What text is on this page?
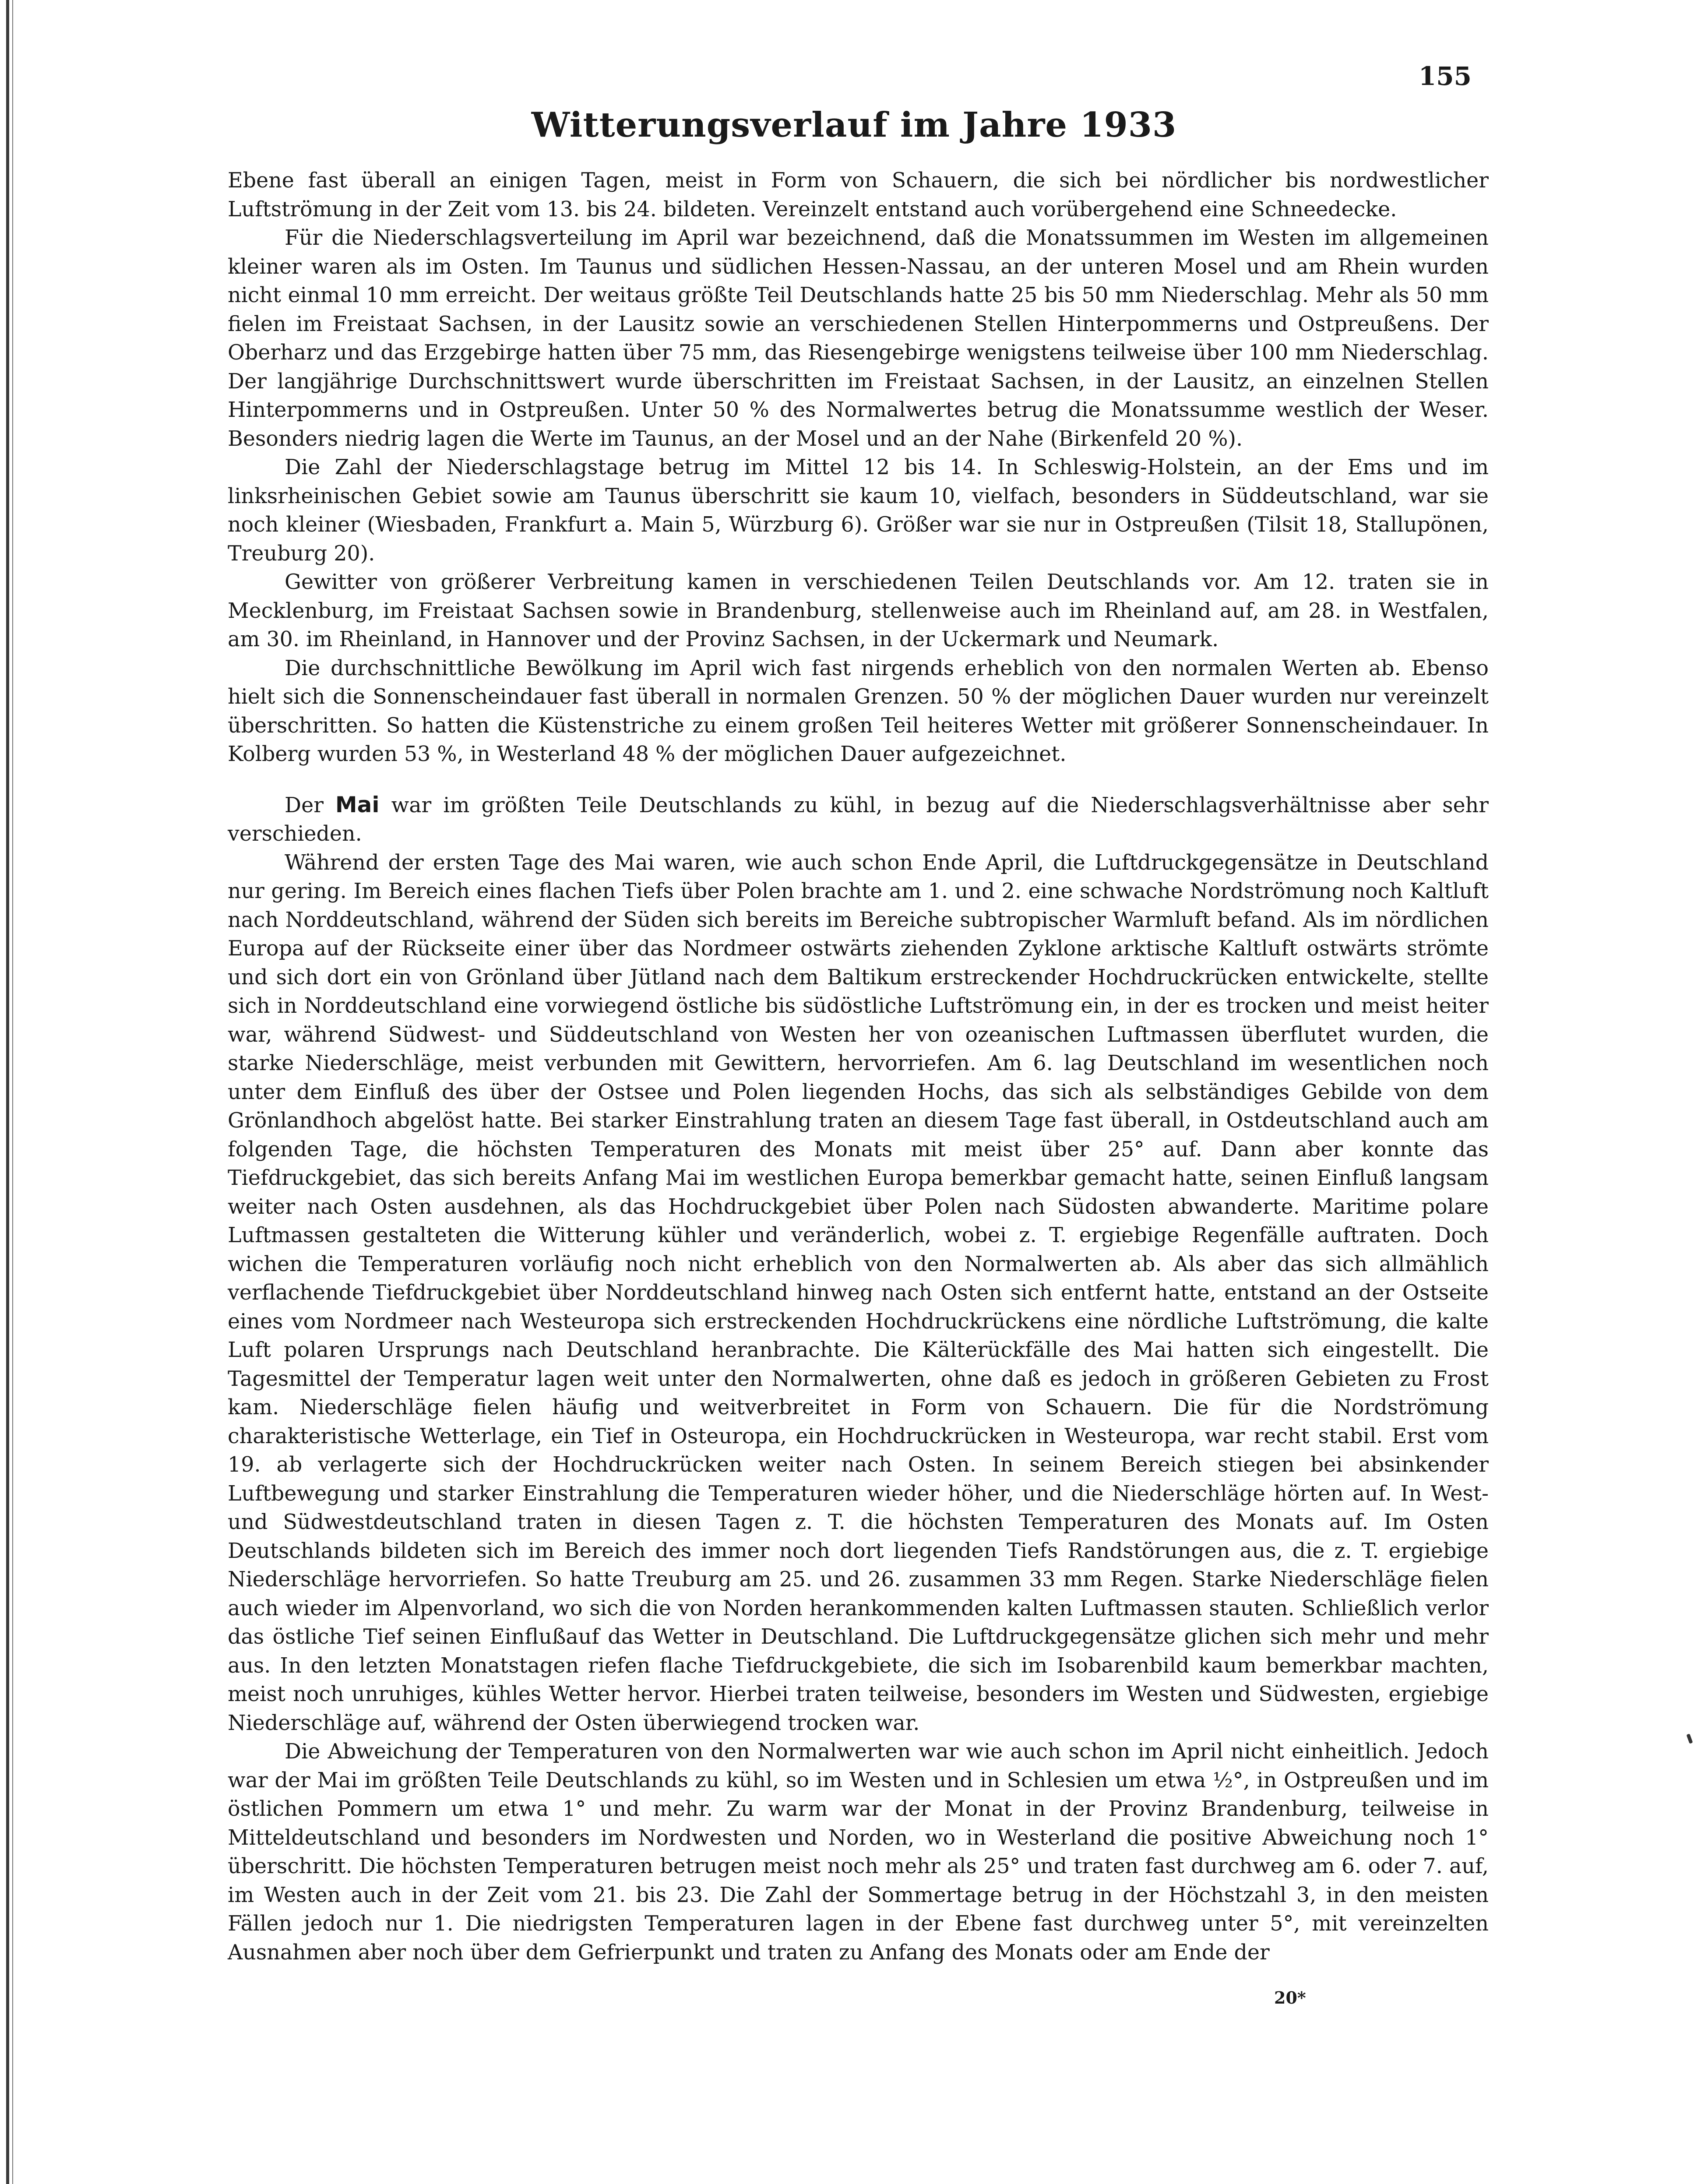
155
Witterungsverlauf im Jahre 1933

Ebene fast überall an einigen Tagen, meist in Form von Schauern, die sich bei nördlicher bis nordwestlicher Luftströmung in der Zeit vom 13. bis 24. bildeten. Vereinzelt entstand auch vorübergehend eine Schneedecke.

Für die Niederschlagsverteilung im April war bezeichnend, daß die Monatssummen im Westen im allgemeinen kleiner waren als im Osten. Im Taunus und südlichen Hessen-Nassau, an der unteren Mosel und am Rhein wurden nicht einmal 10 mm erreicht. Der weitaus größte Teil Deutschlands hatte 25 bis 50 mm Niederschlag. Mehr als 50 mm fielen im Freistaat Sachsen, in der Lausitz sowie an verschiedenen Stellen Hinterpommerns und Ostpreußens. Der Oberharz und das Erzgebirge hatten über 75 mm, das Riesengebirge wenigstens teilweise über 100 mm Niederschlag. Der langjährige Durchschnittswert wurde überschritten im Freistaat Sachsen, in der Lausitz, an einzelnen Stellen Hinterpommerns und in Ostpreußen. Unter 50 % des Normalwertes betrug die Monatssumme westlich der Weser. Besonders niedrig lagen die Werte im Taunus, an der Mosel und an der Nahe (Birkenfeld 20 %).

Die Zahl der Niederschlagstage betrug im Mittel 12 bis 14. In Schleswig-Holstein, an der Ems und im linksrheinischen Gebiet sowie am Taunus überschritt sie kaum 10, vielfach, besonders in Süddeutschland, war sie noch kleiner (Wiesbaden, Frankfurt a. Main 5, Würzburg 6). Größer war sie nur in Ostpreußen (Tilsit 18, Stallupönen, Treuburg 20).

Gewitter von größerer Verbreitung kamen in verschiedenen Teilen Deutschlands vor. Am 12. traten sie in Mecklenburg, im Freistaat Sachsen sowie in Brandenburg, stellenweise auch im Rheinland auf, am 28. in Westfalen, am 30. im Rheinland, in Hannover und der Provinz Sachsen, in der Uckermark und Neumark.

Die durchschnittliche Bewölkung im April wich fast nirgends erheblich von den normalen Werten ab. Ebenso hielt sich die Sonnenscheindauer fast überall in normalen Grenzen. 50 % der möglichen Dauer wurden nur vereinzelt überschritten. So hatten die Küstenstriche zu einem großen Teil heiteres Wetter mit größerer Sonnenscheindauer. In Kolberg wurden 53 %, in Westerland 48 % der möglichen Dauer aufgezeichnet.

Der Mai war im größten Teile Deutschlands zu kühl, in bezug auf die Niederschlagsverhältnisse aber sehr verschieden.

Während der ersten Tage des Mai waren, wie auch schon Ende April, die Luftdruckgegensätze in Deutschland nur gering. Im Bereich eines flachen Tiefs über Polen brachte am 1. und 2. eine schwache Nordströmung noch Kaltluft nach Norddeutschland, während der Süden sich bereits im Bereiche subtropischer Warmluft befand. Als im nördlichen Europa auf der Rückseite einer über das Nordmeer ostwärts ziehenden Zyklone arktische Kaltluft ostwärts strömte und sich dort ein von Grönland über Jütland nach dem Baltikum erstreckender Hochdruckrücken entwickelte, stellte sich in Norddeutschland eine vorwiegend östliche bis südöstliche Luftströmung ein, in der es trocken und meist heiter war, während Südwest- und Süddeutschland von Westen her von ozeanischen Luftmassen überflutet wurden, die starke Niederschläge, meist verbunden mit Gewittern, hervorriefen. Am 6. lag Deutschland im wesentlichen noch unter dem Einfluß des über der Ostsee und Polen liegenden Hochs, das sich als selbständiges Gebilde von dem Grönlandhoch abgelöst hatte. Bei starker Einstrahlung traten an diesem Tage fast überall, in Ostdeutschland auch am folgenden Tage, die höchsten Temperaturen des Monats mit meist über 25° auf. Dann aber konnte das Tiefdruckgebiet, das sich bereits Anfang Mai im westlichen Europa bemerkbar gemacht hatte, seinen Einfluß langsam weiter nach Osten ausdehnen, als das Hochdruckgebiet über Polen nach Südosten abwanderte. Maritime polare Luftmassen gestalteten die Witterung kühler und veränderlich, wobei z. T. ergiebige Regenfälle auftraten. Doch wichen die Temperaturen vorläufig noch nicht erheblich von den Normalwerten ab. Als aber das sich allmählich verflachende Tiefdruckgebiet über Norddeutschland hinweg nach Osten sich entfernt hatte, entstand an der Ostseite eines vom Nordmeer nach Westeuropa sich erstreckenden Hochdruckrückens eine nördliche Luftströmung, die kalte Luft polaren Ursprungs nach Deutschland heranbrachte. Die Kälterückfälle des Mai hatten sich eingestellt. Die Tagesmittel der Temperatur lagen weit unter den Normalwerten, ohne daß es jedoch in größeren Gebieten zu Frost kam. Niederschläge fielen häufig und weitverbreitet in Form von Schauern. Die für die Nordströmung charakteristische Wetterlage, ein Tief in Osteuropa, ein Hochdruckrücken in Westeuropa, war recht stabil. Erst vom 19. ab verlagerte sich der Hochdruckrücken weiter nach Osten. In seinem Bereich stiegen bei absinkender Luftbewegung und starker Einstrahlung die Temperaturen wieder höher, und die Niederschläge hörten auf. In West- und Südwestdeutschland traten in diesen Tagen z. T. die höchsten Temperaturen des Monats auf. Im Osten Deutschlands bildeten sich im Bereich des immer noch dort liegenden Tiefs Randstörungen aus, die z. T. ergiebige Niederschläge hervorriefen. So hatte Treuburg am 25. und 26. zusammen 33 mm Regen. Starke Niederschläge fielen auch wieder im Alpenvorland, wo sich die von Norden herankommenden kalten Luftmassen stauten. Schließlich verlor das östliche Tief seinen Einflußauf das Wetter in Deutschland. Die Luftdruckgegensätze glichen sich mehr und mehr aus. In den letzten Monatstagen riefen flache Tiefdruckgebiete, die sich im Isobarenbild kaum bemerkbar machten, meist noch unruhiges, kühles Wetter hervor. Hierbei traten teilweise, besonders im Westen und Südwesten, ergiebige Niederschläge auf, während der Osten überwiegend trocken war.

Die Abweichung der Temperaturen von den Normalwerten war wie auch schon im April nicht einheitlich. Jedoch war der Mai im größten Teile Deutschlands zu kühl, so im Westen und in Schlesien um etwa ½°, in Ostpreußen und im östlichen Pommern um etwa 1° und mehr. Zu warm war der Monat in der Provinz Brandenburg, teilweise in Mitteldeutschland und besonders im Nordwesten und Norden, wo in Westerland die positive Abweichung noch 1° überschritt. Die höchsten Temperaturen betrugen meist noch mehr als 25° und traten fast durchweg am 6. oder 7. auf, im Westen auch in der Zeit vom 21. bis 23. Die Zahl der Sommertage betrug in der Höchstzahl 3, in den meisten Fällen jedoch nur 1. Die niedrigsten Temperaturen lagen in der Ebene fast durchweg unter 5°, mit vereinzelten Ausnahmen aber noch über dem Gefrierpunkt und traten zu Anfang des Monats oder am Ende der

20*
